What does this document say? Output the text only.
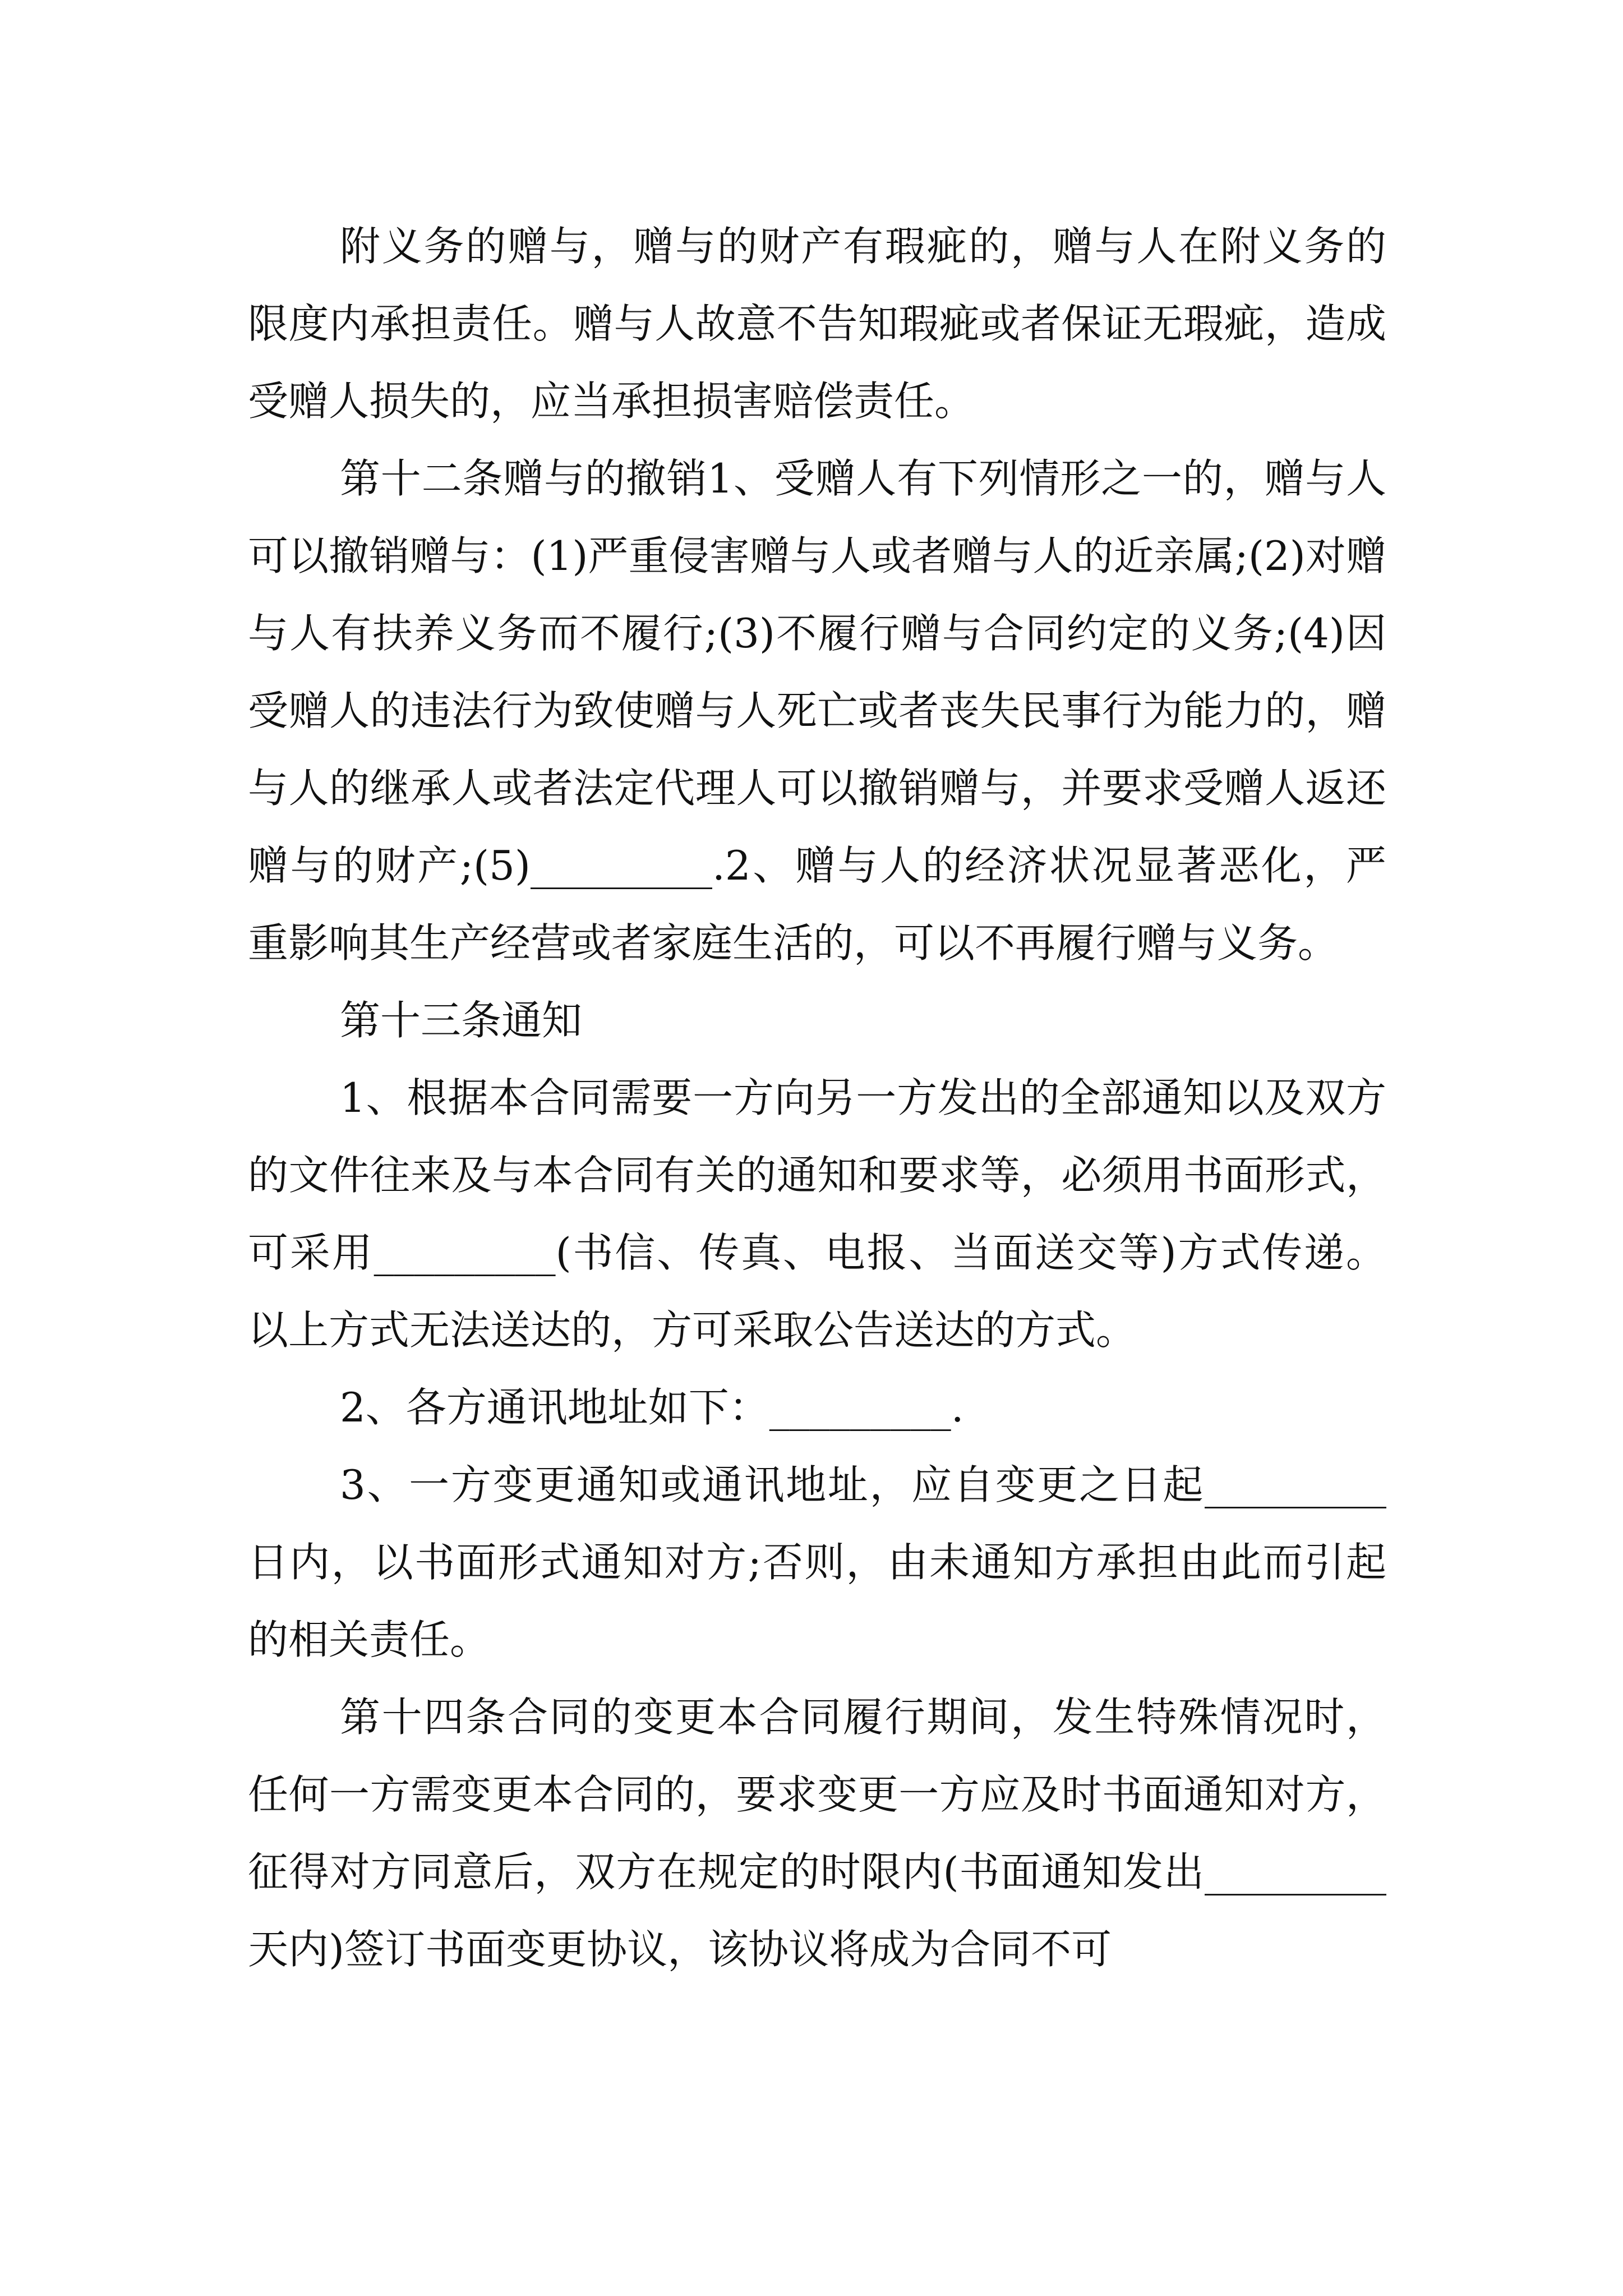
附义务的赠与，赠与的财产有瑕疵的，赠与人在附义务的限度内承担责任。赠与人故意不告知瑕疵或者保证无瑕疵，造成受赠人损失的，应当承担损害赔偿责任。

第十二条赠与的撤销1、受赠人有下列情形之一的，赠与人可以撤销赠与：(1)严重侵害赠与人或者赠与人的近亲属;(2)对赠与人有扶养义务而不履行;(3)不履行赠与合同约定的义务;(4)因受赠人的违法行为致使赠与人死亡或者丧失民事行为能力的，赠与人的继承人或者法定代理人可以撤销赠与，并要求受赠人返还赠与的财产;(5)_________.2、赠与人的经济状况显著恶化，严重影响其生产经营或者家庭生活的，可以不再履行赠与义务。

第十三条通知

1、根据本合同需要一方向另一方发出的全部通知以及双方的文件往来及与本合同有关的通知和要求等，必须用书面形式，可采用_________(书信、传真、电报、当面送交等)方式传递。以上方式无法送达的，方可采取公告送达的方式。

2、各方通讯地址如下：_________.

3、一方变更通知或通讯地址，应自变更之日起_________日内，以书面形式通知对方;否则，由未通知方承担由此而引起的相关责任。

第十四条合同的变更本合同履行期间，发生特殊情况时，任何一方需变更本合同的，要求变更一方应及时书面通知对方，征得对方同意后，双方在规定的时限内(书面通知发出_________天内)签订书面变更协议，该协议将成为合同不可
